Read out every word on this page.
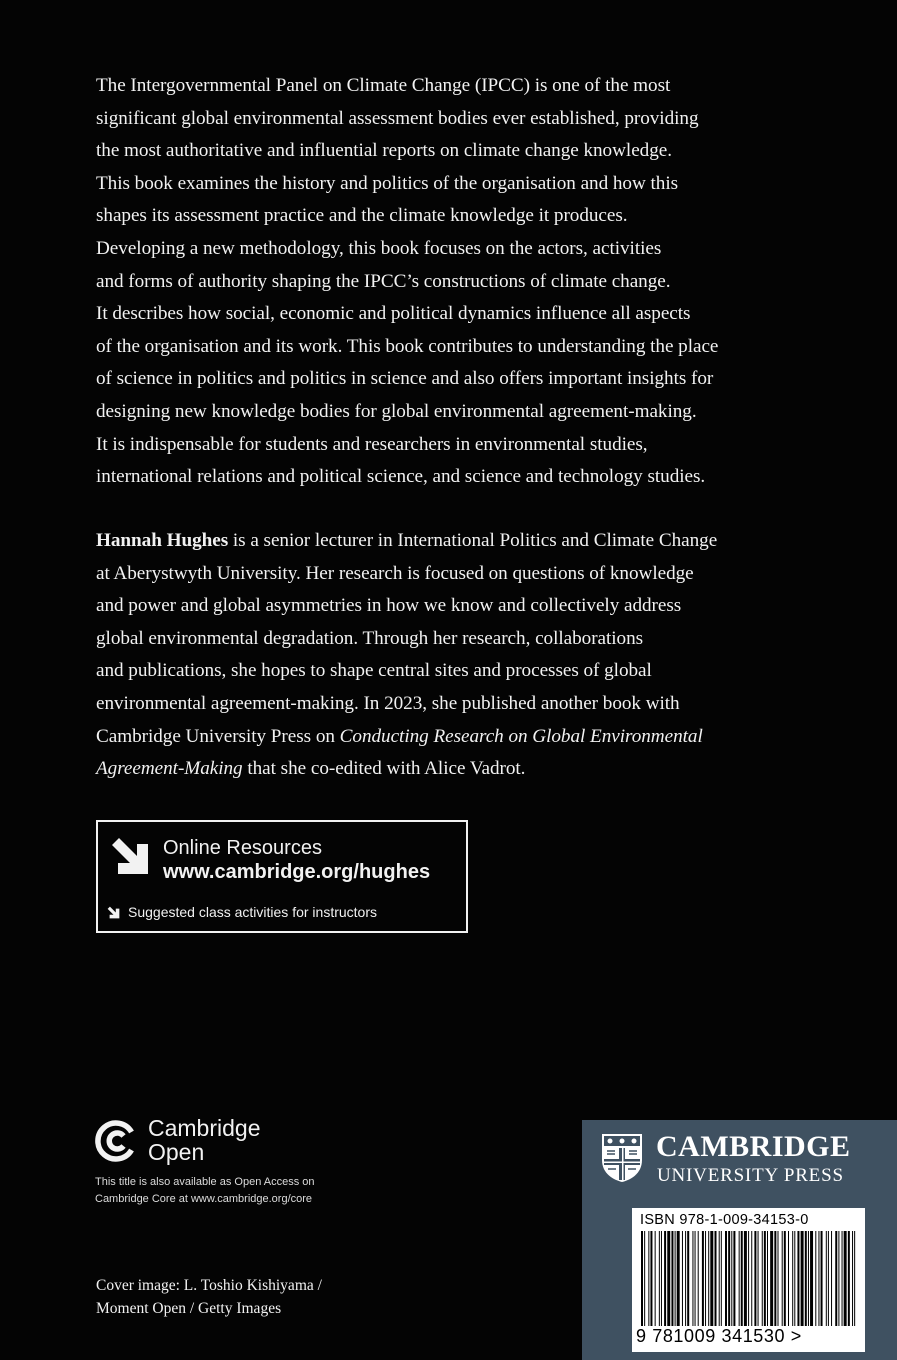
The Intergovernmental Panel on Climate Change (IPCC) is one of the most
significant global environmental assessment bodies ever established, providing
the most authoritative and influential reports on climate change knowledge.
This book examines the history and politics of the organisation and how this
shapes its assessment practice and the climate knowledge it produces.
Developing a new methodology, this book focuses on the actors, activities
and forms of authority shaping the IPCC’s constructions of climate change.
It describes how social, economic and political dynamics influence all aspects
of the organisation and its work. This book contributes to understanding the place
of science in politics and politics in science and also offers important insights for
designing new knowledge bodies for global environmental agreement-making.
It is indispensable for students and researchers in environmental studies,
international relations and political science, and science and technology studies.
Hannah Hughes is a senior lecturer in International Politics and Climate Change
at Aberystwyth University. Her research is focused on questions of knowledge
and power and global asymmetries in how we know and collectively address
global environmental degradation. Through her research, collaborations
and publications, she hopes to shape central sites and processes of global
environmental agreement-making. In 2023, she published another book with
Cambridge University Press on Conducting Research on Global Environmental
Agreement-Making that she co-edited with Alice Vadrot.
Online Resources
www.cambridge.org/hughes
Suggested class activities for instructors
Cambridge
Open
This title is also available as Open Access on
Cambridge Core at www.cambridge.org/core
Cover image: L. Toshio Kishiyama /
Moment Open / Getty Images
CAMBRIDGE
UNIVERSITY PRESS
ISBN 978-1-009-34153-0
9 781009 341530 >
